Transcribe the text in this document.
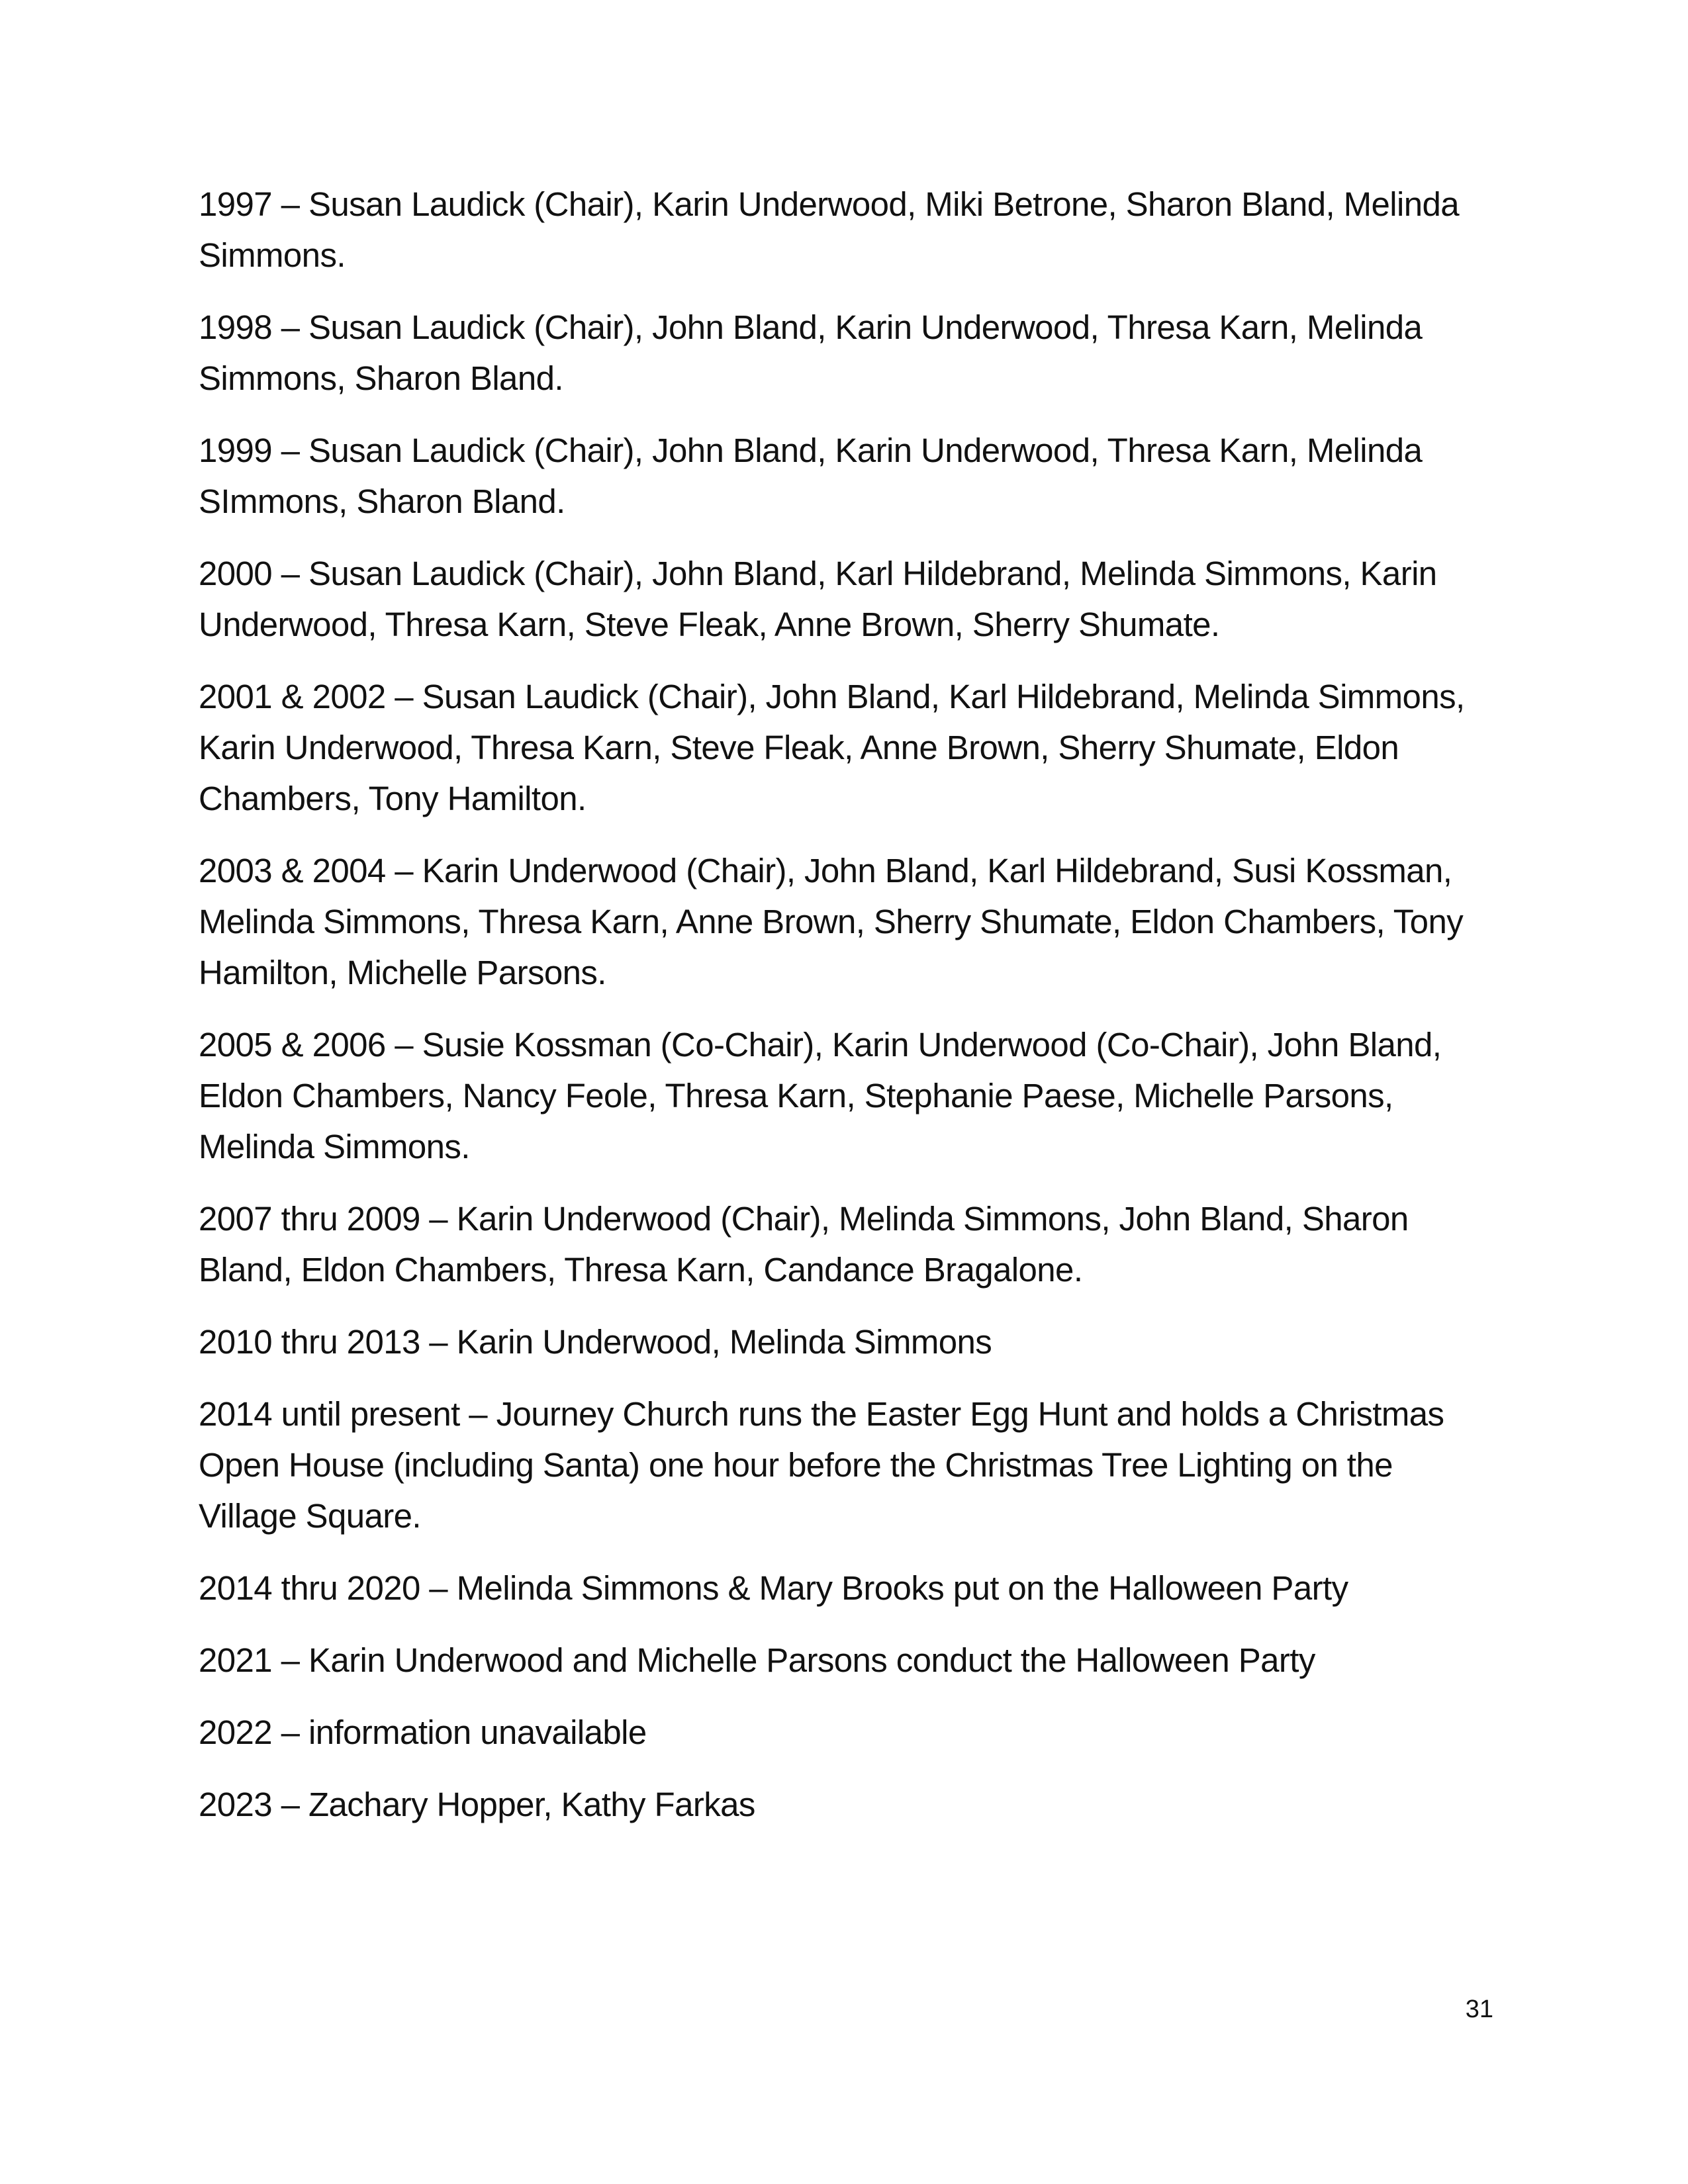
1997 – Susan Laudick (Chair), Karin Underwood, Miki Betrone, Sharon Bland, Melinda Simmons.

1998 – Susan Laudick (Chair), John Bland, Karin Underwood, Thresa Karn, Melinda Simmons, Sharon Bland.

1999 – Susan Laudick (Chair), John Bland, Karin Underwood, Thresa Karn, Melinda SImmons, Sharon Bland.

2000 – Susan Laudick (Chair), John Bland, Karl Hildebrand, Melinda Simmons, Karin Underwood, Thresa Karn, Steve Fleak, Anne Brown, Sherry Shumate.

2001 & 2002 – Susan Laudick (Chair), John Bland, Karl Hildebrand, Melinda Simmons, Karin Underwood, Thresa Karn, Steve Fleak, Anne Brown, Sherry Shumate, Eldon Chambers, Tony Hamilton.

2003 & 2004 – Karin Underwood (Chair), John Bland, Karl Hildebrand, Susi Kossman, Melinda Simmons, Thresa Karn, Anne Brown, Sherry Shumate, Eldon Chambers, Tony Hamilton, Michelle Parsons.

2005 & 2006 – Susie Kossman (Co-Chair), Karin Underwood (Co-Chair), John Bland, Eldon Chambers, Nancy Feole, Thresa Karn, Stephanie Paese, Michelle Parsons, Melinda Simmons.

2007 thru 2009 – Karin Underwood (Chair), Melinda Simmons, John Bland, Sharon Bland, Eldon Chambers, Thresa Karn, Candance Bragalone.

2010 thru 2013 – Karin Underwood, Melinda Simmons

2014 until present – Journey Church runs the Easter Egg Hunt and holds a Christmas Open House (including Santa) one hour before the Christmas Tree Lighting on the Village Square.

2014 thru 2020 – Melinda Simmons & Mary Brooks put on the Halloween Party

2021 – Karin Underwood and Michelle Parsons conduct the Halloween Party

2022 – information unavailable

2023 – Zachary Hopper, Kathy Farkas

31
